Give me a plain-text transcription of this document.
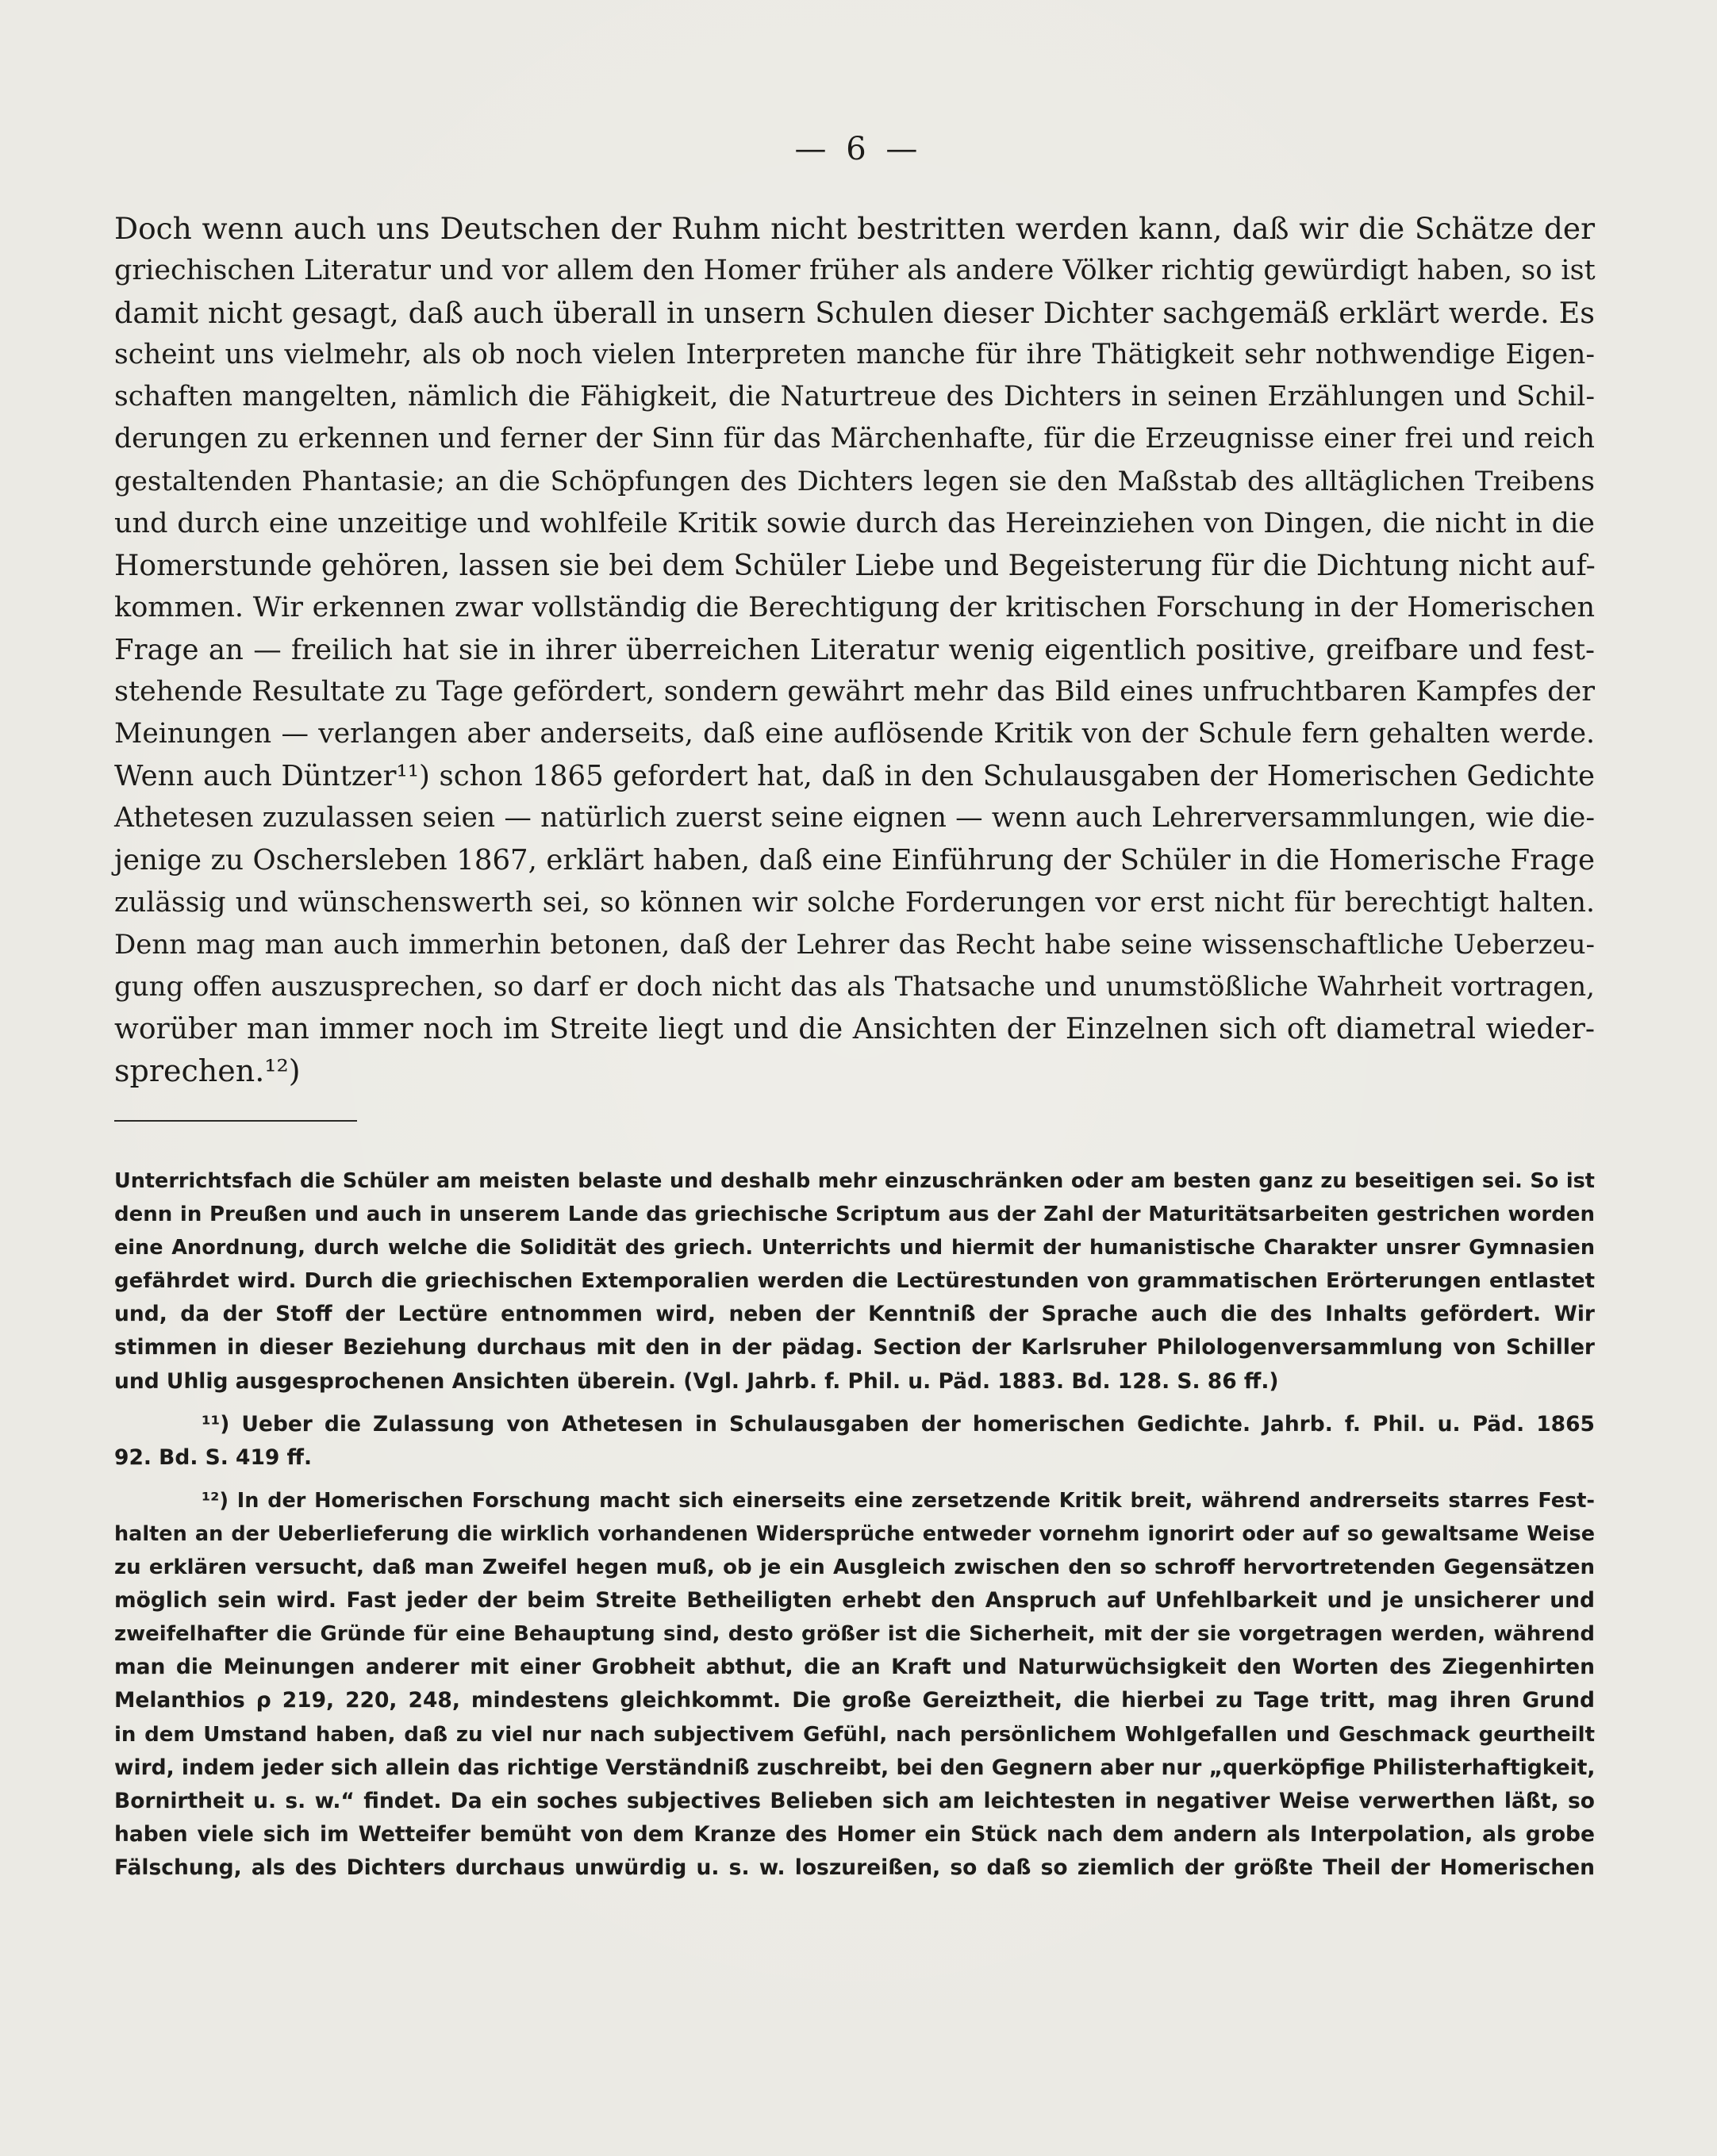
— 6 —
Doch wenn auch uns Deutschen der Ruhm nicht bestritten werden kann, daß wir die Schätze der
griechischen Literatur und vor allem den Homer früher als andere Völker richtig gewürdigt haben, so ist
damit nicht gesagt, daß auch überall in unsern Schulen dieser Dichter sachgemäß erklärt werde. Es
scheint uns vielmehr, als ob noch vielen Interpreten manche für ihre Thätigkeit sehr nothwendige Eigen-
schaften mangelten, nämlich die Fähigkeit, die Naturtreue des Dichters in seinen Erzählungen und Schil-
derungen zu erkennen und ferner der Sinn für das Märchenhafte, für die Erzeugnisse einer frei und reich
gestaltenden Phantasie; an die Schöpfungen des Dichters legen sie den Maßstab des alltäglichen Treibens
und durch eine unzeitige und wohlfeile Kritik sowie durch das Hereinziehen von Dingen, die nicht in die
Homerstunde gehören, lassen sie bei dem Schüler Liebe und Begeisterung für die Dichtung nicht auf-
kommen. Wir erkennen zwar vollständig die Berechtigung der kritischen Forschung in der Homerischen
Frage an — freilich hat sie in ihrer überreichen Literatur wenig eigentlich positive, greifbare und fest-
stehende Resultate zu Tage gefördert, sondern gewährt mehr das Bild eines unfruchtbaren Kampfes der
Meinungen — verlangen aber anderseits, daß eine auflösende Kritik von der Schule fern gehalten werde.
Wenn auch Düntzer¹¹) schon 1865 gefordert hat, daß in den Schulausgaben der Homerischen Gedichte
Athetesen zuzulassen seien — natürlich zuerst seine eignen — wenn auch Lehrerversammlungen, wie die-
jenige zu Oschersleben 1867, erklärt haben, daß eine Einführung der Schüler in die Homerische Frage
zulässig und wünschenswerth sei, so können wir solche Forderungen vor erst nicht für berechtigt halten.
Denn mag man auch immerhin betonen, daß der Lehrer das Recht habe seine wissenschaftliche Ueberzeu-
gung offen auszusprechen, so darf er doch nicht das als Thatsache und unumstößliche Wahrheit vortragen,
worüber man immer noch im Streite liegt und die Ansichten der Einzelnen sich oft diametral wieder-
sprechen.¹²)
Unterrichtsfach die Schüler am meisten belaste und deshalb mehr einzuschränken oder am besten ganz zu beseitigen sei. So ist
denn in Preußen und auch in unserem Lande das griechische Scriptum aus der Zahl der Maturitätsarbeiten gestrichen worden
eine Anordnung, durch welche die Solidität des griech. Unterrichts und hiermit der humanistische Charakter unsrer Gymnasien
gefährdet wird. Durch die griechischen Extemporalien werden die Lectürestunden von grammatischen Erörterungen entlastet
und, da der Stoff der Lectüre entnommen wird, neben der Kenntniß der Sprache auch die des Inhalts gefördert. Wir
stimmen in dieser Beziehung durchaus mit den in der pädag. Section der Karlsruher Philologenversammlung von Schiller
und Uhlig ausgesprochenen Ansichten überein. (Vgl. Jahrb. f. Phil. u. Päd. 1883. Bd. 128. S. 86 ff.)
¹¹) Ueber die Zulassung von Athetesen in Schulausgaben der homerischen Gedichte. Jahrb. f. Phil. u. Päd. 1865
92. Bd. S. 419 ff.
¹²) In der Homerischen Forschung macht sich einerseits eine zersetzende Kritik breit, während andrerseits starres Fest-
halten an der Ueberlieferung die wirklich vorhandenen Widersprüche entweder vornehm ignorirt oder auf so gewaltsame Weise
zu erklären versucht, daß man Zweifel hegen muß, ob je ein Ausgleich zwischen den so schroff hervortretenden Gegensätzen
möglich sein wird. Fast jeder der beim Streite Betheiligten erhebt den Anspruch auf Unfehlbarkeit und je unsicherer und
zweifelhafter die Gründe für eine Behauptung sind, desto größer ist die Sicherheit, mit der sie vorgetragen werden, während
man die Meinungen anderer mit einer Grobheit abthut, die an Kraft und Naturwüchsigkeit den Worten des Ziegenhirten
Melanthios ρ 219, 220, 248, mindestens gleichkommt. Die große Gereiztheit, die hierbei zu Tage tritt, mag ihren Grund
in dem Umstand haben, daß zu viel nur nach subjectivem Gefühl, nach persönlichem Wohlgefallen und Geschmack geurtheilt
wird, indem jeder sich allein das richtige Verständniß zuschreibt, bei den Gegnern aber nur „querköpfige Philisterhaftigkeit,
Bornirtheit u. s. w.“ findet. Da ein soches subjectives Belieben sich am leichtesten in negativer Weise verwerthen läßt, so
haben viele sich im Wetteifer bemüht von dem Kranze des Homer ein Stück nach dem andern als Interpolation, als grobe
Fälschung, als des Dichters durchaus unwürdig u. s. w. loszureißen, so daß so ziemlich der größte Theil der Homerischen
